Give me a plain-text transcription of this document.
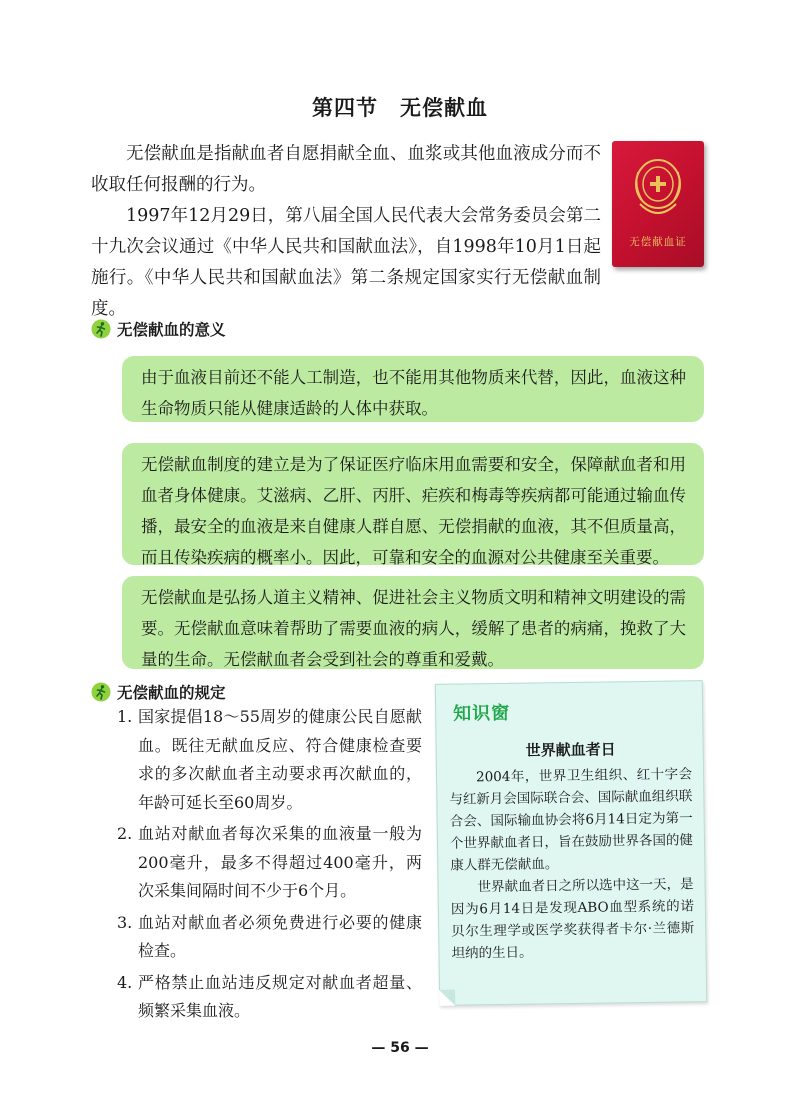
第四节 无偿献血

无偿献血是指献血者自愿捐献全血、血浆或其他血液成分而不收取任何报酬的行为。

1997年12月29日，第八届全国人民代表大会常务委员会第二十九次会议通过《中华人民共和国献血法》，自1998年10月1日起施行。《中华人民共和国献血法》第二条规定国家实行无偿献血制度。

无偿献血证
无偿献血的意义
由于血液目前还不能人工制造，也不能用其他物质来代替，因此，血液这种生命物质只能从健康适龄的人体中获取。
无偿献血制度的建立是为了保证医疗临床用血需要和安全，保障献血者和用血者身体健康。艾滋病、乙肝、丙肝、疟疾和梅毒等疾病都可能通过输血传播，最安全的血液是来自健康人群自愿、无偿捐献的血液，其不但质量高，而且传染疾病的概率小。因此，可靠和安全的血源对公共健康至关重要。
无偿献血是弘扬人道主义精神、促进社会主义物质文明和精神文明建设的需要。无偿献血意味着帮助了需要血液的病人，缓解了患者的病痛，挽救了大量的生命。无偿献血者会受到社会的尊重和爱戴。
无偿献血的规定
1. 国家提倡18～55周岁的健康公民自愿献血。既往无献血反应、符合健康检查要求的多次献血者主动要求再次献血的，年龄可延长至60周岁。
2. 血站对献血者每次采集的血液量一般为200毫升，最多不得超过400毫升，两次采集间隔时间不少于6个月。
3. 血站对献血者必须免费进行必要的健康检查。
4. 严格禁止血站违反规定对献血者超量、频繁采集血液。
知识窗
世界献血者日

2004年，世界卫生组织、红十字会与红新月会国际联合会、国际献血组织联合会、国际输血协会将6月14日定为第一个世界献血者日，旨在鼓励世界各国的健康人群无偿献血。

世界献血者日之所以选中这一天，是因为6月14日是发现ABO血型系统的诺贝尔生理学或医学奖获得者卡尔·兰德斯坦纳的生日。

— 56 —
